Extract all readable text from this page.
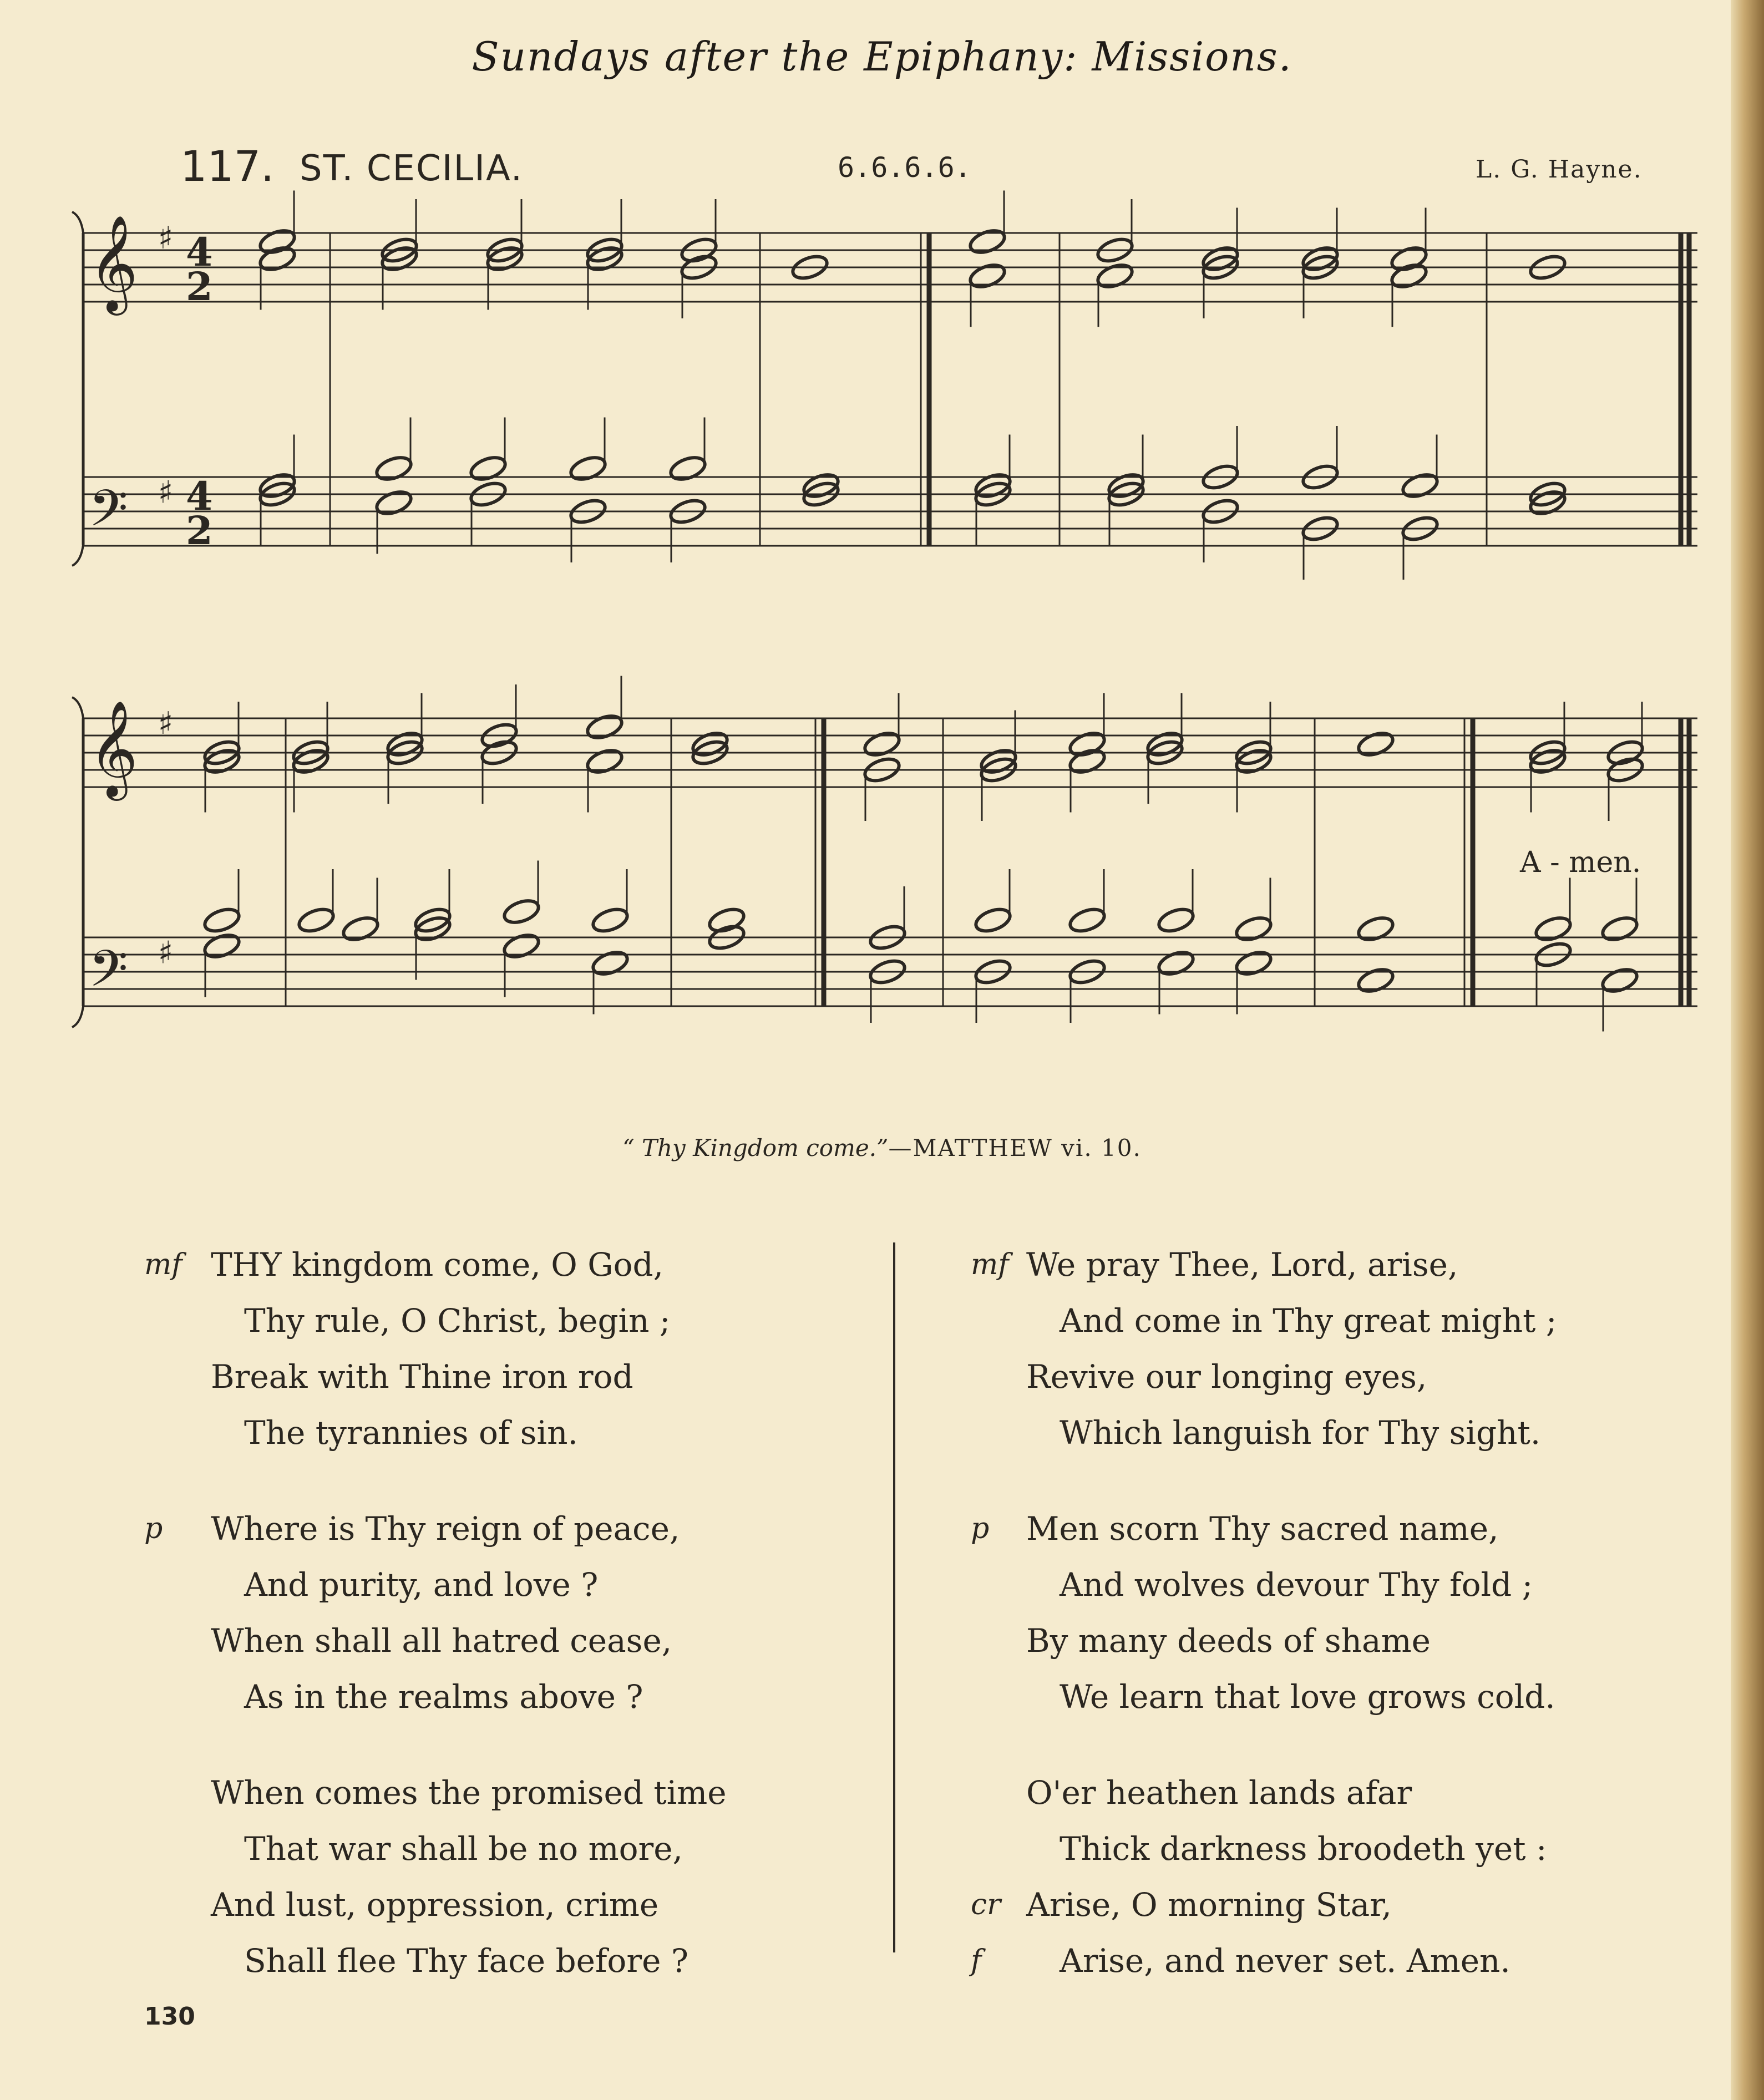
Sundays after the Epiphany: Missions.
117. ST. CECILIA.	6.6.6.6.	L. G. Hayne.
𝄞 ♯
𝄢 ♯
𝄞 ♯
𝄢 ♯
4
2
4
2
A - men.
“ Thy Kingdom come.”—MATTHEW vi. 10.
mf THY kingdom come, O God,
Thy rule, O Christ, begin ;
Break with Thine iron rod
The tyrannies of sin.
p Where is Thy reign of peace,
And purity, and love ?
When shall all hatred cease,
As in the realms above ?
When comes the promised time
That war shall be no more,
And lust, oppression, crime
Shall flee Thy face before ?
mf We pray Thee, Lord, arise,
And come in Thy great might ;
Revive our longing eyes,
Which languish for Thy sight.
p Men scorn Thy sacred name,
And wolves devour Thy fold ;
By many deeds of shame
We learn that love grows cold.
O'er heathen lands afar
Thick darkness broodeth yet :
cr Arise, O morning Star,
f Arise, and never set. Amen.
130
